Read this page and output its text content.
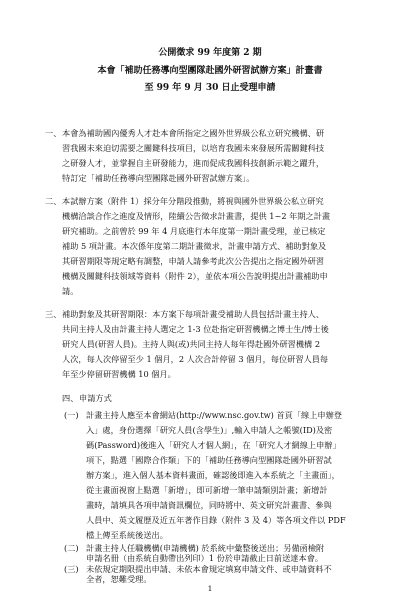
公開徵求 99 年度第 2 期
本會「補助任務導向型團隊赴國外研習試辦方案」計畫書
至 99 年 9 月 30 日止受理申請
一、 本會為補助國內優秀人才赴本會所指定之國外世界級公私立研究機構、研
習我國未來迫切需要之關鍵科技項目，以培育我國未來發展所需關鍵科技
之研發人才，並掌握自主研發能力，進而促成我國科技創新示範之躍升，
特訂定「補助任務導向型團隊赴國外研習試辦方案」。
二、 本試辦方案（附件 1）採分年分階段推動，將視與國外世界級公私立研究
機構洽談合作之進度及情形，陸續公告徵求計畫書，提供 1~2 年期之計畫
研究補助。之前曾於 99 年 4 月底進行本年度第一期計畫受理，並已核定
補助 5 項計畫。本次係年度第二期計畫徵求，計畫申請方式、補助對象及
其研習期限等規定略有調整，申請人請參考此次公告提出之指定國外研習
機構及關鍵科技領域等資料（附件 2），並依本項公告說明提出計畫補助申
請。
三、 補助對象及其研習期限：本方案下每項計畫受補助人員包括計畫主持人、
共同主持人及由計畫主持人選定之 1-3 位赴指定研習機構之博士生/博士後
研究人員(研習人員)。主持人與(或)共同主持人每年得赴國外研習機構 2
人次，每人次停留至少 1 個月，2 人次合計停留 3 個月，每位研習人員每
年至少停留研習機構 10 個月。
四、 申請方式
(一) 計畫主持人應至本會網站(http://www.nsc.gov.tw) 首頁「線上申辦登
入」處，身份選擇「研究人員(含學生)」,輸入申請人之帳號(ID)及密
碼(Password)後進入「研究人才個人網」，在「研究人才網線上申辦」
項下，點選「國際合作類」下的「補助任務導向型團隊赴國外研習試
辦方案」，進入個人基本資料畫面，確認後即進入本系統之「主畫面」，
從主畫面視窗上點選「新增」，即可新增一筆申請類別計畫；新增計
畫時，請填具各項申請資訊欄位，同時將中、英文研究計畫書、參與
人員中、英文履歷及近五年著作目錄（附件 3 及 4）等各項文件以 PDF
檔上傳至系統後送出。
(二) 計畫主持人任職機構(申請機構) 於系統中彙整後送出；另備函檢附
申請名冊（由系統自動帶出列印）1 份於申請截止日前送達本會。
(三)
1
未依規定期限提出申請、未依本會規定填寫申請文件、或申請資料不
全者，恕難受理。
